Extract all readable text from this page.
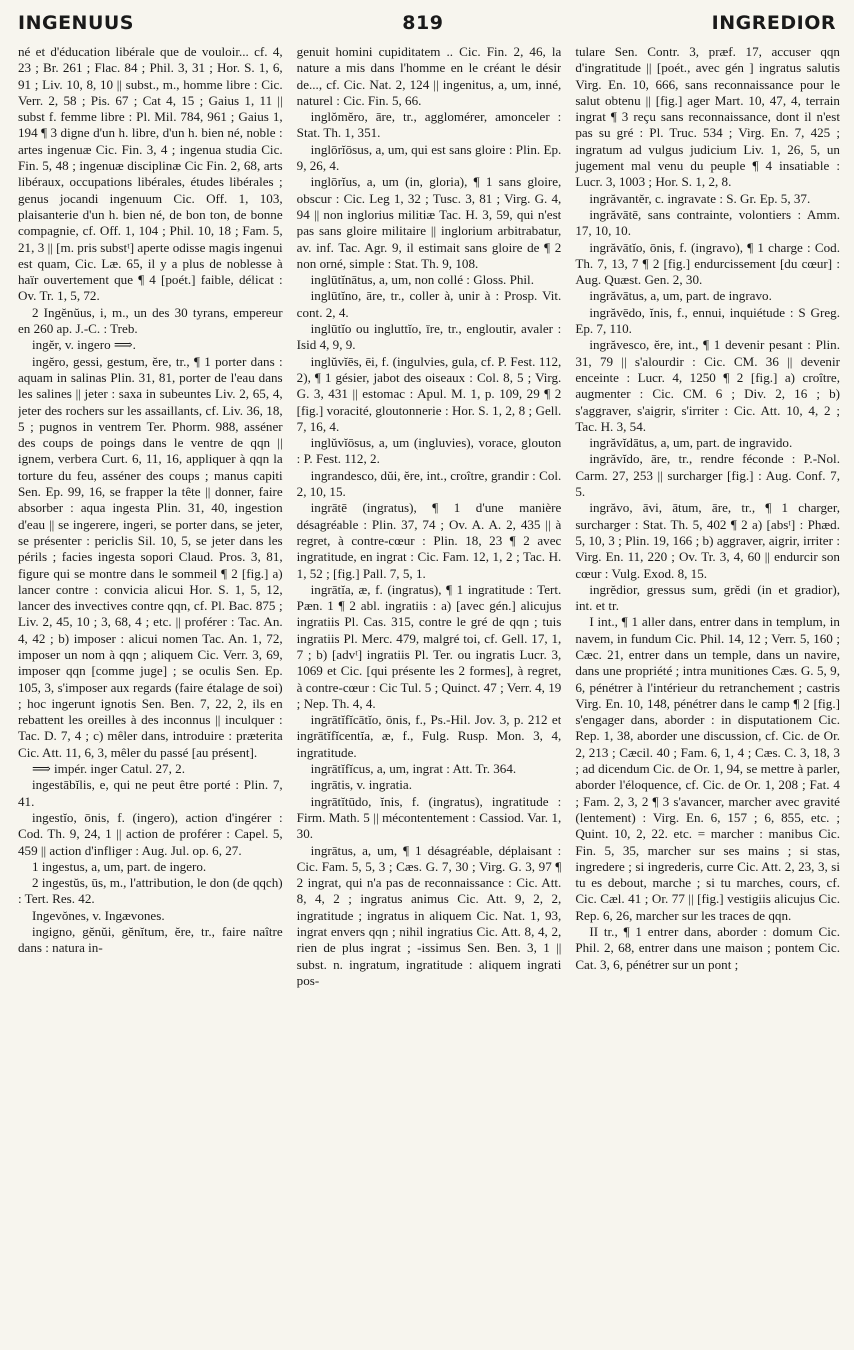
INGENUUS	819	INGREDIOR

né et d'éducation libérale que de vouloir... cf. 4, 23 ; Br. 261 ; Flac. 84 ; Phil. 3, 31 ; Hor. S. 1, 6, 91 ; Liv. 10, 8, 10 || subst., m., homme libre : Cic. Verr. 2, 58 ; Pis. 67 ; Cat 4, 15 ; Gaius 1, 11 || subst f. femme libre : Pl. Mil. 784, 961 ; Gaius 1, 194 ¶ 3 digne d'un h. libre, d'un h. bien né, noble : artes ingenuæ Cic. Fin. 3, 4 ; ingenua studia Cic. Fin. 5, 48 ; ingenuæ disciplinæ Cic Fin. 2, 68, arts libéraux, occupations libérales, études libérales ; genus jocandi ingenuum Cic. Off. 1, 103, plaisanterie d'un h. bien né, de bon ton, de bonne compagnie, cf. Off. 1, 104 ; Phil. 10, 18 ; Fam. 5, 21, 3 || [m. pris substᵗ] aperte odisse magis ingenui est quam, Cic. Læ. 65, il y a plus de noblesse à haïr ouvertement que ¶ 4 [poét.] faible, délicat : Ov. Tr. 1, 5, 72.

2 Ingĕnŭus, i, m., un des 30 tyrans, empereur en 260 ap. J.-C. : Treb.

ingĕr, v. ingero ⟹.

ingĕro, gessi, gestum, ĕre, tr., ¶ 1 porter dans : aquam in salinas Plin. 31, 81, porter de l'eau dans les salines || jeter : saxa in subeuntes Liv. 2, 65, 4, jeter des rochers sur les assaillants, cf. Liv. 36, 18, 5 ; pugnos in ventrem Ter. Phorm. 988, asséner des coups de poings dans le ventre de qqn || ignem, verbera Curt. 6, 11, 16, appliquer à qqn la torture du feu, asséner des coups ; manus capiti Sen. Ep. 99, 16, se frapper la tête || donner, faire absorber : aqua ingesta Plin. 31, 40, ingestion d'eau || se ingerere, ingeri, se porter dans, se jeter, se présenter : periclis Sil. 10, 5, se jeter dans les périls ; facies ingesta sopori Claud. Pros. 3, 81, figure qui se montre dans le sommeil ¶ 2 [fig.] a) lancer contre : convicia alicui Hor. S. 1, 5, 12, lancer des invectives contre qqn, cf. Pl. Bac. 875 ; Liv. 2, 45, 10 ; 3, 68, 4 ; etc. || proférer : Tac. An. 4, 42 ; b) imposer : alicui nomen Tac. An. 1, 72, imposer un nom à qqn ; aliquem Cic. Verr. 3, 69, imposer qqn [comme juge] ; se oculis Sen. Ep. 105, 3, s'imposer aux regards (faire étalage de soi) ; hoc ingerunt ignotis Sen. Ben. 7, 22, 2, ils en rebattent les oreilles à des inconnus || inculquer : Tac. D. 7, 4 ; c) mêler dans, introduire : præterita Cic. Att. 11, 6, 3, mêler du passé [au présent].

⟹ impér. inger Catul. 27, 2.

ingestābĭlis, e, qui ne peut être porté : Plin. 7, 41.

ingestĭo, ōnis, f. (ingero), action d'ingérer : Cod. Th. 9, 24, 1 || action de proférer : Capel. 5, 459 || action d'infliger : Aug. Jul. op. 6, 27.

1 ingestus, a, um, part. de ingero.

2 ingestŭs, ūs, m., l'attribution, le don (de qqch) : Tert. Res. 42.

Ingevŏnes, v. Ingævones.

ingigno, gĕnŭi, gĕnĭtum, ĕre, tr., faire naître dans : natura in-

genuit homini cupiditatem .. Cic. Fin. 2, 46, la nature a mis dans l'homme en le créant le désir de..., cf. Cic. Nat. 2, 124 || ingenitus, a, um, inné, naturel : Cic. Fin. 5, 66.

inglŏmĕro, āre, tr., agglomérer, amonceler : Stat. Th. 1, 351.

inglōrĭōsus, a, um, qui est sans gloire : Plin. Ep. 9, 26, 4.

inglōrĭus, a, um (in, gloria), ¶ 1 sans gloire, obscur : Cic. Leg 1, 32 ; Tusc. 3, 81 ; Virg. G. 4, 94 || non inglorius militiæ Tac. H. 3, 59, qui n'est pas sans gloire militaire || inglorium arbitrabatur, av. inf. Tac. Agr. 9, il estimait sans gloire de ¶ 2 non orné, simple : Stat. Th. 9, 108.

inglūtĭnātus, a, um, non collé : Gloss. Phil.

inglūtĭno, āre, tr., coller à, unir à : Prosp. Vit. cont. 2, 4.

inglūtĭo ou ingluttĭo, īre, tr., engloutir, avaler : Isid 4, 9, 9.

inglŭvĭēs, ēi, f. (ingulvies, gula, cf. P. Fest. 112, 2), ¶ 1 gésier, jabot des oiseaux : Col. 8, 5 ; Virg. G. 3, 431 || estomac : Apul. M. 1, p. 109, 29 ¶ 2 [fig.] voracité, gloutonnerie : Hor. S. 1, 2, 8 ; Gell. 7, 16, 4.

inglŭvĭōsus, a, um (ingluvies), vorace, glouton : P. Fest. 112, 2.

ingrandesco, dŭi, ĕre, int., croître, grandir : Col. 2, 10, 15.

ingrātē (ingratus), ¶ 1 d'une manière désagréable : Plin. 37, 74 ; Ov. A. A. 2, 435 || à regret, à contre-cœur : Plin. 18, 23 ¶ 2 avec ingratitude, en ingrat : Cic. Fam. 12, 1, 2 ; Tac. H. 1, 52 ; [fig.] Pall. 7, 5, 1.

ingrātĭa, æ, f. (ingratus), ¶ 1 ingratitude : Tert. Pæn. 1 ¶ 2 abl. ingratiis : a) [avec gén.] alicujus ingratiis Pl. Cas. 315, contre le gré de qqn ; tuis ingratiis Pl. Merc. 479, malgré toi, cf. Gell. 17, 1, 7 ; b) [advᵗ] ingratiis Pl. Ter. ou ingratis Lucr. 3, 1069 et Cic. [qui présente les 2 formes], à regret, à contre-cœur : Cic Tul. 5 ; Quinct. 47 ; Verr. 4, 19 ; Nep. Th. 4, 4.

ingrātĭfĭcātĭo, ōnis, f., Ps.-Hil. Jov. 3, p. 212 et ingrātĭfĭcentĭa, æ, f., Fulg. Rusp. Mon. 3, 4, ingratitude.

ingrātĭfĭcus, a, um, ingrat : Att. Tr. 364.

ingrātis, v. ingratia.

ingrātĭtūdo, ĭnis, f. (ingratus), ingratitude : Firm. Math. 5 || mécontentement : Cassiod. Var. 1, 30.

ingrātus, a, um, ¶ 1 désagréable, déplaisant : Cic. Fam. 5, 5, 3 ; Cæs. G. 7, 30 ; Virg. G. 3, 97 ¶ 2 ingrat, qui n'a pas de reconnaissance : Cic. Att. 8, 4, 2 ; ingratus animus Cic. Att. 9, 2, 2, ingratitude ; ingratus in aliquem Cic. Nat. 1, 93, ingrat envers qqn ; nihil ingratius Cic. Att. 8, 4, 2, rien de plus ingrat ; -issimus Sen. Ben. 3, 1 || subst. n. ingratum, ingratitude : aliquem ingrati pos-

tulare Sen. Contr. 3, præf. 17, accuser qqn d'ingratitude || [poét., avec gén ] ingratus salutis Virg. En. 10, 666, sans reconnaissance pour le salut obtenu || [fig.] ager Mart. 10, 47, 4, terrain ingrat ¶ 3 reçu sans reconnaissance, dont il n'est pas su gré : Pl. Truc. 534 ; Virg. En. 7, 425 ; ingratum ad vulgus judicium Liv. 1, 26, 5, un jugement mal venu du peuple ¶ 4 insatiable : Lucr. 3, 1003 ; Hor. S. 1, 2, 8.

ingrăvantĕr, c. ingravate : S. Gr. Ep. 5, 37.

ingrăvātē, sans contrainte, volontiers : Amm. 17, 10, 10.

ingrăvātĭo, ōnis, f. (ingravo), ¶ 1 charge : Cod. Th. 7, 13, 7 ¶ 2 [fig.] endurcissement [du cœur] : Aug. Quæst. Gen. 2, 30.

ingrăvātus, a, um, part. de ingravo.

ingrăvēdo, ĭnis, f., ennui, inquiétude : S Greg. Ep. 7, 110.

ingrăvesco, ĕre, int., ¶ 1 devenir pesant : Plin. 31, 79 || s'alourdir : Cic. CM. 36 || devenir enceinte : Lucr. 4, 1250 ¶ 2 [fig.] a) croître, augmenter : Cic. CM. 6 ; Div. 2, 16 ; b) s'aggraver, s'aigrir, s'irriter : Cic. Att. 10, 4, 2 ; Tac. H. 3, 54.

ingrăvĭdātus, a, um, part. de ingravido.

ingrăvĭdo, āre, tr., rendre féconde : P.-Nol. Carm. 27, 253 || surcharger [fig.] : Aug. Conf. 7, 5.

ingrăvo, āvi, ātum, āre, tr., ¶ 1 charger, surcharger : Stat. Th. 5, 402 ¶ 2 a) [absᵗ] : Phæd. 5, 10, 3 ; Plin. 19, 166 ; b) aggraver, aigrir, irriter : Virg. En. 11, 220 ; Ov. Tr. 3, 4, 60 || endurcir son cœur : Vulg. Exod. 8, 15.

ingrĕdior, gressus sum, grĕdi (in et gradior), int. et tr.

I int., ¶ 1 aller dans, entrer dans in templum, in navem, in fundum Cic. Phil. 14, 12 ; Verr. 5, 160 ; Cæc. 21, entrer dans un temple, dans un navire, dans une propriété ; intra munitiones Cæs. G. 5, 9, 6, pénétrer à l'intérieur du retranchement ; castris Virg. En. 10, 148, pénétrer dans le camp ¶ 2 [fig.] s'engager dans, aborder : in disputationem Cic. Rep. 1, 38, aborder une discussion, cf. Cic. de Or. 2, 213 ; Cæcil. 40 ; Fam. 6, 1, 4 ; Cæs. C. 3, 18, 3 ; ad dicendum Cic. de Or. 1, 94, se mettre à parler, aborder l'éloquence, cf. Cic. de Or. 1, 208 ; Fat. 4 ; Fam. 2, 3, 2 ¶ 3 s'avancer, marcher avec gravité (lentement) : Virg. En. 6, 157 ; 6, 855, etc. ; Quint. 10, 2, 22. etc. = marcher : manibus Cic. Fin. 5, 35, marcher sur ses mains ; si stas, ingredere ; si ingrederis, curre Cic. Att. 2, 23, 3, si tu es debout, marche ; si tu marches, cours, cf. Cic. Cæl. 41 ; Or. 77 || [fig.] vestigiis alicujus Cic. Rep. 6, 26, marcher sur les traces de qqn.

II tr., ¶ 1 entrer dans, aborder : domum Cic. Phil. 2, 68, entrer dans une maison ; pontem Cic. Cat. 3, 6, pénétrer sur un pont ;
